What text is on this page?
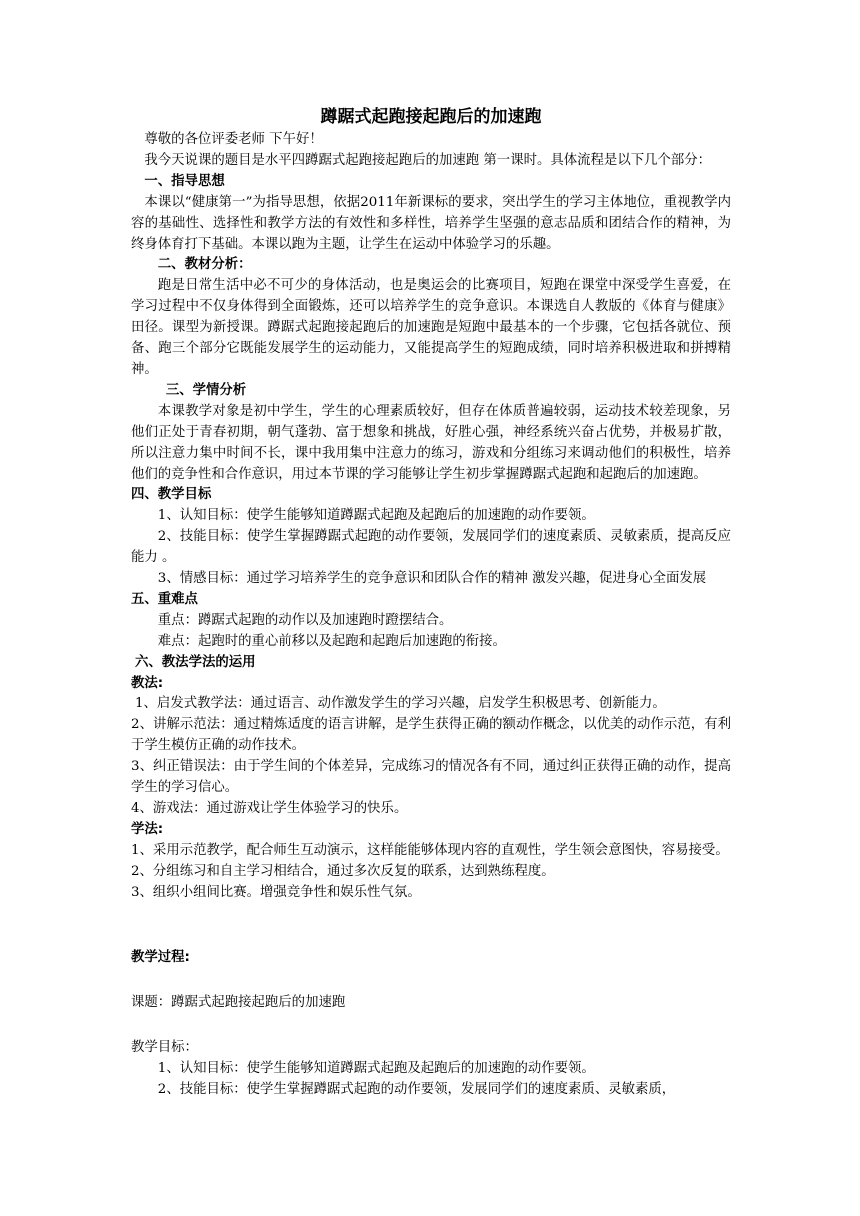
蹲踞式起跑接起跑后的加速跑

尊敬的各位评委老师 下午好！

我今天说课的题目是水平四蹲踞式起跑接起跑后的加速跑 第一课时。具体流程是以下几个部分：

一、指导思想

本课以“健康第一”为指导思想，依据2011年新课标的要求，突出学生的学习主体地位，重视教学内容的基础性、选择性和教学方法的有效性和多样性，培养学生坚强的意志品质和团结合作的精神，为终身体育打下基础。本课以跑为主题，让学生在运动中体验学习的乐趣。

二、教材分析：

跑是日常生活中必不可少的身体活动，也是奥运会的比赛项目，短跑在课堂中深受学生喜爱，在学习过程中不仅身体得到全面锻炼，还可以培养学生的竞争意识。本课选自人教版的《体育与健康》田径。课型为新授课。蹲踞式起跑接起跑后的加速跑是短跑中最基本的一个步骤，它包括各就位、预备、跑三个部分它既能发展学生的运动能力，又能提高学生的短跑成绩，同时培养积极进取和拼搏精神。

三、学情分析

本课教学对象是初中学生，学生的心理素质较好，但存在体质普遍较弱，运动技术较差现象，另他们正处于青春初期，朝气蓬勃、富于想象和挑战，好胜心强，神经系统兴奋占优势，并极易扩散，所以注意力集中时间不长，课中我用集中注意力的练习，游戏和分组练习来调动他们的积极性，培养他们的竞争性和合作意识，用过本节课的学习能够让学生初步掌握蹲踞式起跑和起跑后的加速跑。

四、教学目标

1、认知目标：使学生能够知道蹲踞式起跑及起跑后的加速跑的动作要领。

2、技能目标：使学生掌握蹲踞式起跑的动作要领，发展同学们的速度素质、灵敏素质，提高反应能力 。

3、情感目标：通过学习培养学生的竞争意识和团队合作的精神 激发兴趣，促进身心全面发展

五、重难点

重点：蹲踞式起跑的动作以及加速跑时蹬摆结合。

难点：起跑时的重心前移以及起跑和起跑后加速跑的衔接。

六、教法学法的运用

教法:

1、启发式教学法：通过语言、动作激发学生的学习兴趣，启发学生积极思考、创新能力。

2、讲解示范法：通过精炼适度的语言讲解，是学生获得正确的额动作概念，以优美的动作示范，有利于学生模仿正确的动作技术。

3、纠正错误法：由于学生间的个体差异，完成练习的情况各有不同，通过纠正获得正确的动作，提高学生的学习信心。

4、游戏法：通过游戏让学生体验学习的快乐。

学法:

1、采用示范教学，配合师生互动演示，这样能能够体现内容的直观性，学生领会意图快，容易接受。

2、分组练习和自主学习相结合，通过多次反复的联系，达到熟练程度。

3、组织小组间比赛。增强竞争性和娱乐性气氛。

教学过程:

课题：蹲踞式起跑接起跑后的加速跑

教学目标：

1、认知目标：使学生能够知道蹲踞式起跑及起跑后的加速跑的动作要领。

2、技能目标：使学生掌握蹲踞式起跑的动作要领，发展同学们的速度素质、灵敏素质，
